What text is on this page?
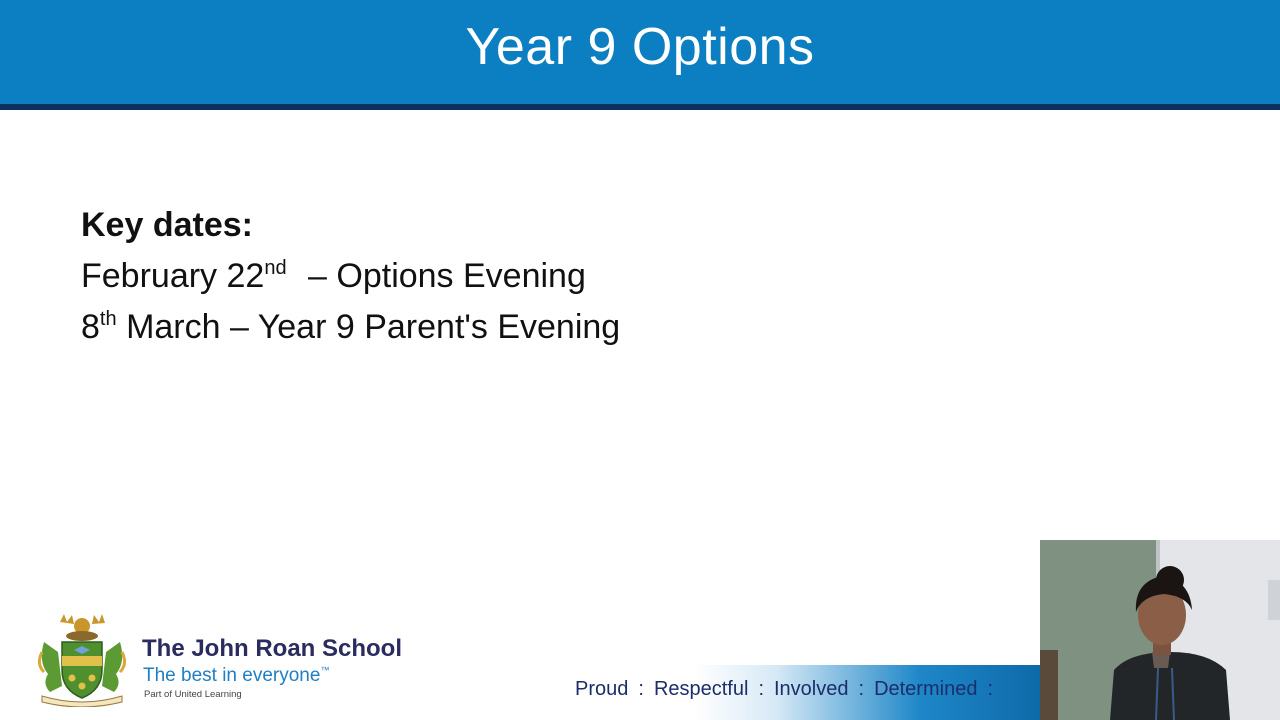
Year 9 Options
Key dates:
February 22nd – Options Evening
8th March – Year 9 Parent's Evening
The John Roan School
The best in everyone™
Part of United Learning	Proud : Respectful : Involved : Determined :
